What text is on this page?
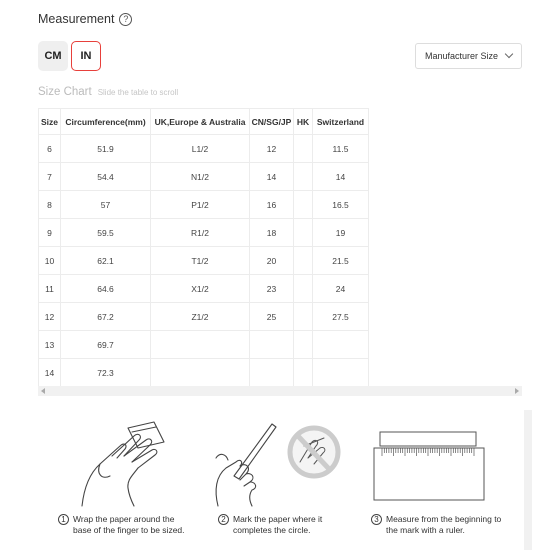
Measurement ?
CM	IN	Manufacturer Size
Size Chart Slide the table to scroll
Size	Circumference(mm)	UK,Europe & Australia	CN/SG/JP	HK	Switzerland
6	51.9	L1/2	12		11.5
7	54.4	N1/2	14		14
8	57	P1/2	16		16.5
9	59.5	R1/2	18		19
10	62.1	T1/2	20		21.5
11	64.6	X1/2	23		24
12	67.2	Z1/2	25		27.5
13	69.7				
14	72.3				
1 Wrap the paper around the
base of the finger to be sized.
2 Mark the paper where it
completes the circle.
3 Measure from the beginning to
the mark with a ruler.
